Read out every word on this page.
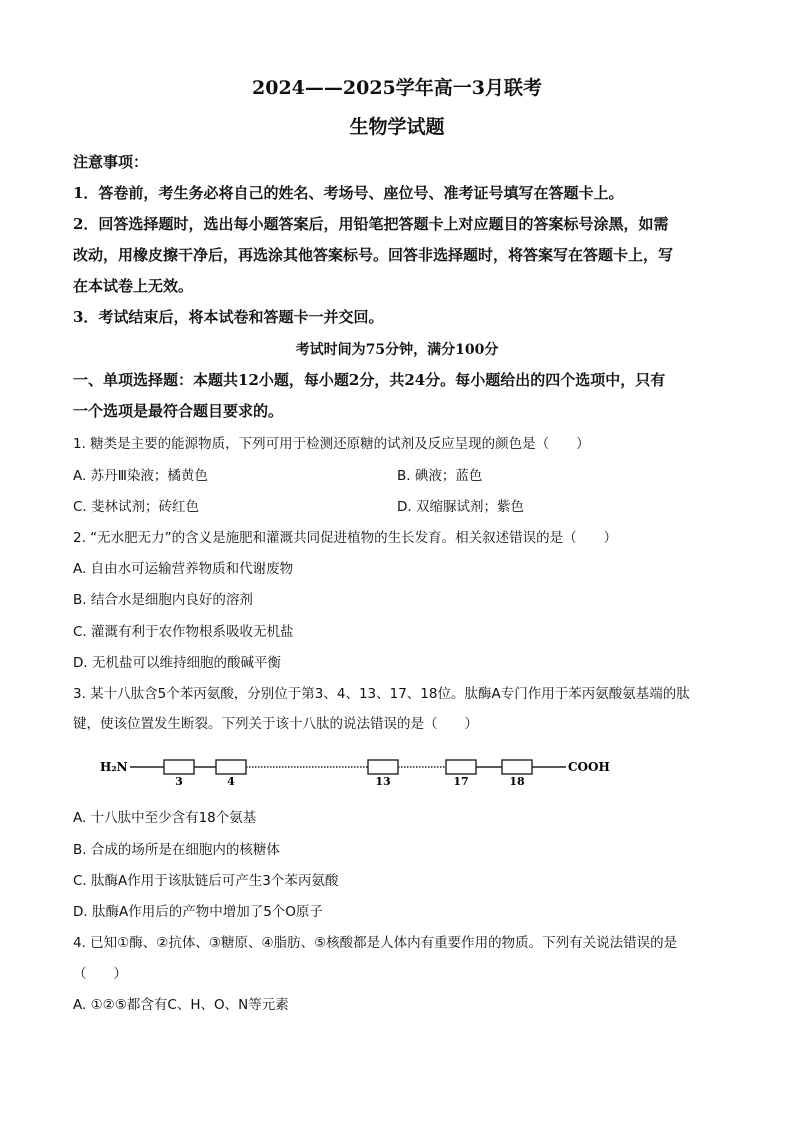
2024——2025学年高一3月联考
生物学试题
注意事项：
1．答卷前，考生务必将自己的姓名、考场号、座位号、准考证号填写在答题卡上。
2．回答选择题时，选出每小题答案后，用铅笔把答题卡上对应题目的答案标号涂黑，如需
改动，用橡皮擦干净后，再选涂其他答案标号。回答非选择题时，将答案写在答题卡上，写
在本试卷上无效。
3．考试结束后，将本试卷和答题卡一并交回。
考试时间为75分钟，满分100分
一、单项选择题：本题共12小题，每小题2分，共24分。每小题给出的四个选项中，只有
一个选项是最符合题目要求的。
1. 糖类是主要的能源物质，下列可用于检测还原糖的试剂及反应呈现的颜色是（　　）
A. 苏丹Ⅲ染液；橘黄色	B. 碘液；蓝色
C. 斐林试剂；砖红色	D. 双缩脲试剂；紫色
2. “无水肥无力”的含义是施肥和灌溉共同促进植物的生长发育。相关叙述错误的是（　　）
A. 自由水可运输营养物质和代谢废物
B. 结合水是细胞内良好的溶剂
C. 灌溉有利于农作物根系吸收无机盐
D. 无机盐可以维持细胞的酸碱平衡
3. 某十八肽含5个苯丙氨酸，分别位于第3、4、13、17、18位。肽酶A专门作用于苯丙氨酸氨基端的肽
键，使该位置发生断裂。下列关于该十八肽的说法错误的是（　　）
H₂N
3	4	13	17	18
COOH
A. 十八肽中至少含有18个氨基
B. 合成的场所是在细胞内的核糖体
C. 肽酶A作用于该肽链后可产生3个苯丙氨酸
D. 肽酶A作用后的产物中增加了5个O原子
4. 已知①酶、②抗体、③糖原、④脂肪、⑤核酸都是人体内有重要作用的物质。下列有关说法错误的是
（　　）
A. ①②⑤都含有C、H、O、N等元素
